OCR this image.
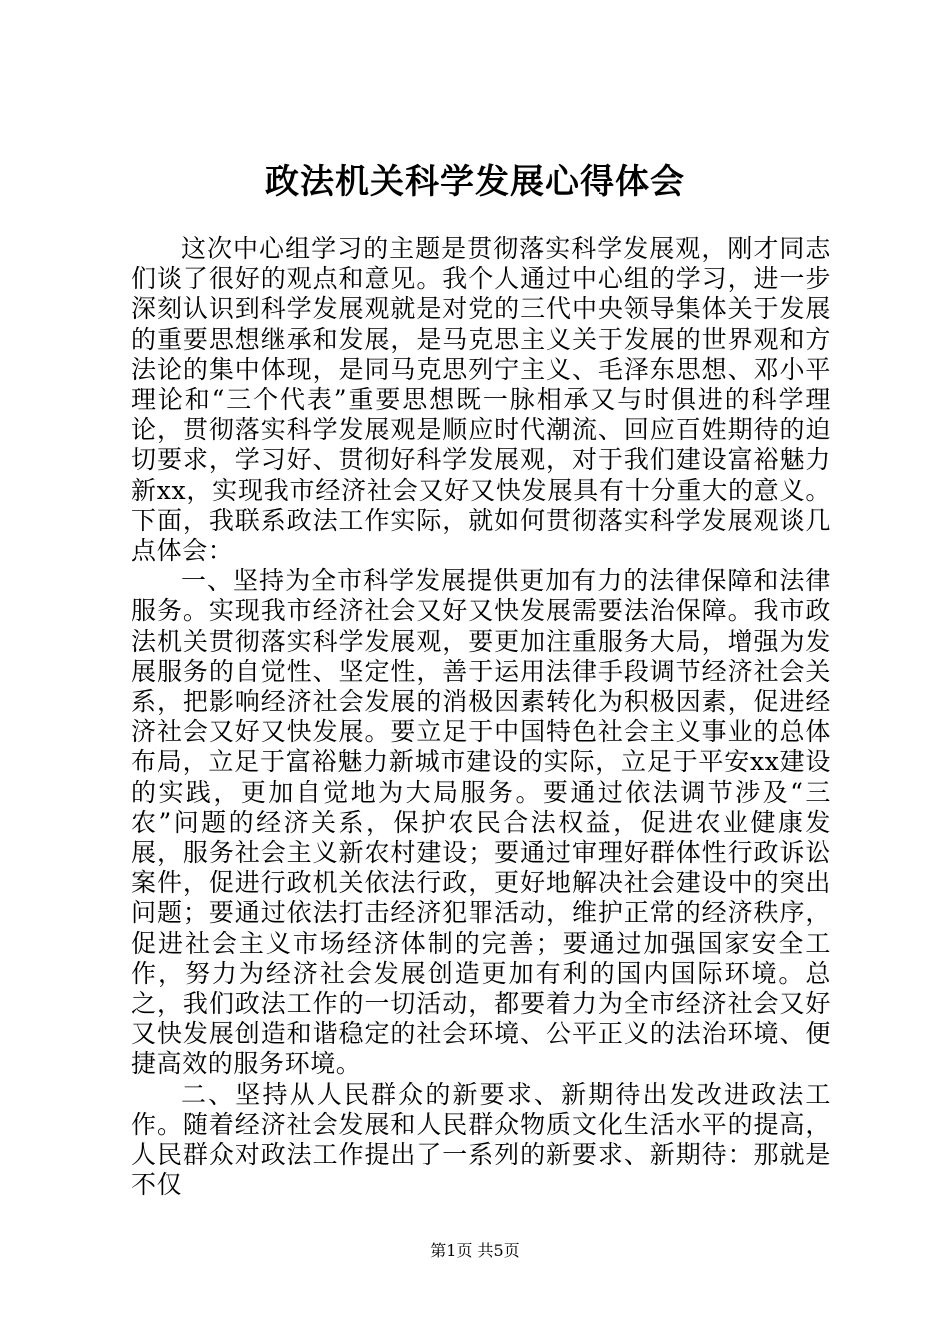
政法机关科学发展心得体会

这次中心组学习的主题是贯彻落实科学发展观，刚才同志们谈了很好的观点和意见。我个人通过中心组的学习，进一步深刻认识到科学发展观就是对党的三代中央领导集体关于发展的重要思想继承和发展，是马克思主义关于发展的世界观和方法论的集中体现，是同马克思列宁主义、毛泽东思想、邓小平理论和“三个代表”重要思想既一脉相承又与时俱进的科学理论，贯彻落实科学发展观是顺应时代潮流、回应百姓期待的迫切要求，学习好、贯彻好科学发展观，对于我们建设富裕魅力新xx，实现我市经济社会又好又快发展具有十分重大的意义。下面，我联系政法工作实际，就如何贯彻落实科学发展观谈几点体会：

一、坚持为全市科学发展提供更加有力的法律保障和法律服务。实现我市经济社会又好又快发展需要法治保障。我市政法机关贯彻落实科学发展观，要更加注重服务大局，增强为发展服务的自觉性、坚定性，善于运用法律手段调节经济社会关系，把影响经济社会发展的消极因素转化为积极因素，促进经济社会又好又快发展。要立足于中国特色社会主义事业的总体布局，立足于富裕魅力新城市建设的实际，立足于平安xx建设的实践，更加自觉地为大局服务。要通过依法调节涉及“三农”问题的经济关系，保护农民合法权益，促进农业健康发展，服务社会主义新农村建设；要通过审理好群体性行政诉讼案件，促进行政机关依法行政，更好地解决社会建设中的突出问题；要通过依法打击经济犯罪活动，维护正常的经济秩序，促进社会主义市场经济体制的完善；要通过加强国家安全工作，努力为经济社会发展创造更加有利的国内国际环境。总之，我们政法工作的一切活动，都要着力为全市经济社会又好又快发展创造和谐稳定的社会环境、公平正义的法治环境、便捷高效的服务环境。

二、坚持从人民群众的新要求、新期待出发改进政法工作。随着经济社会发展和人民群众物质文化生活水平的提高，人民群众对政法工作提出了一系列的新要求、新期待：那就是不仅

第1页 共5页
